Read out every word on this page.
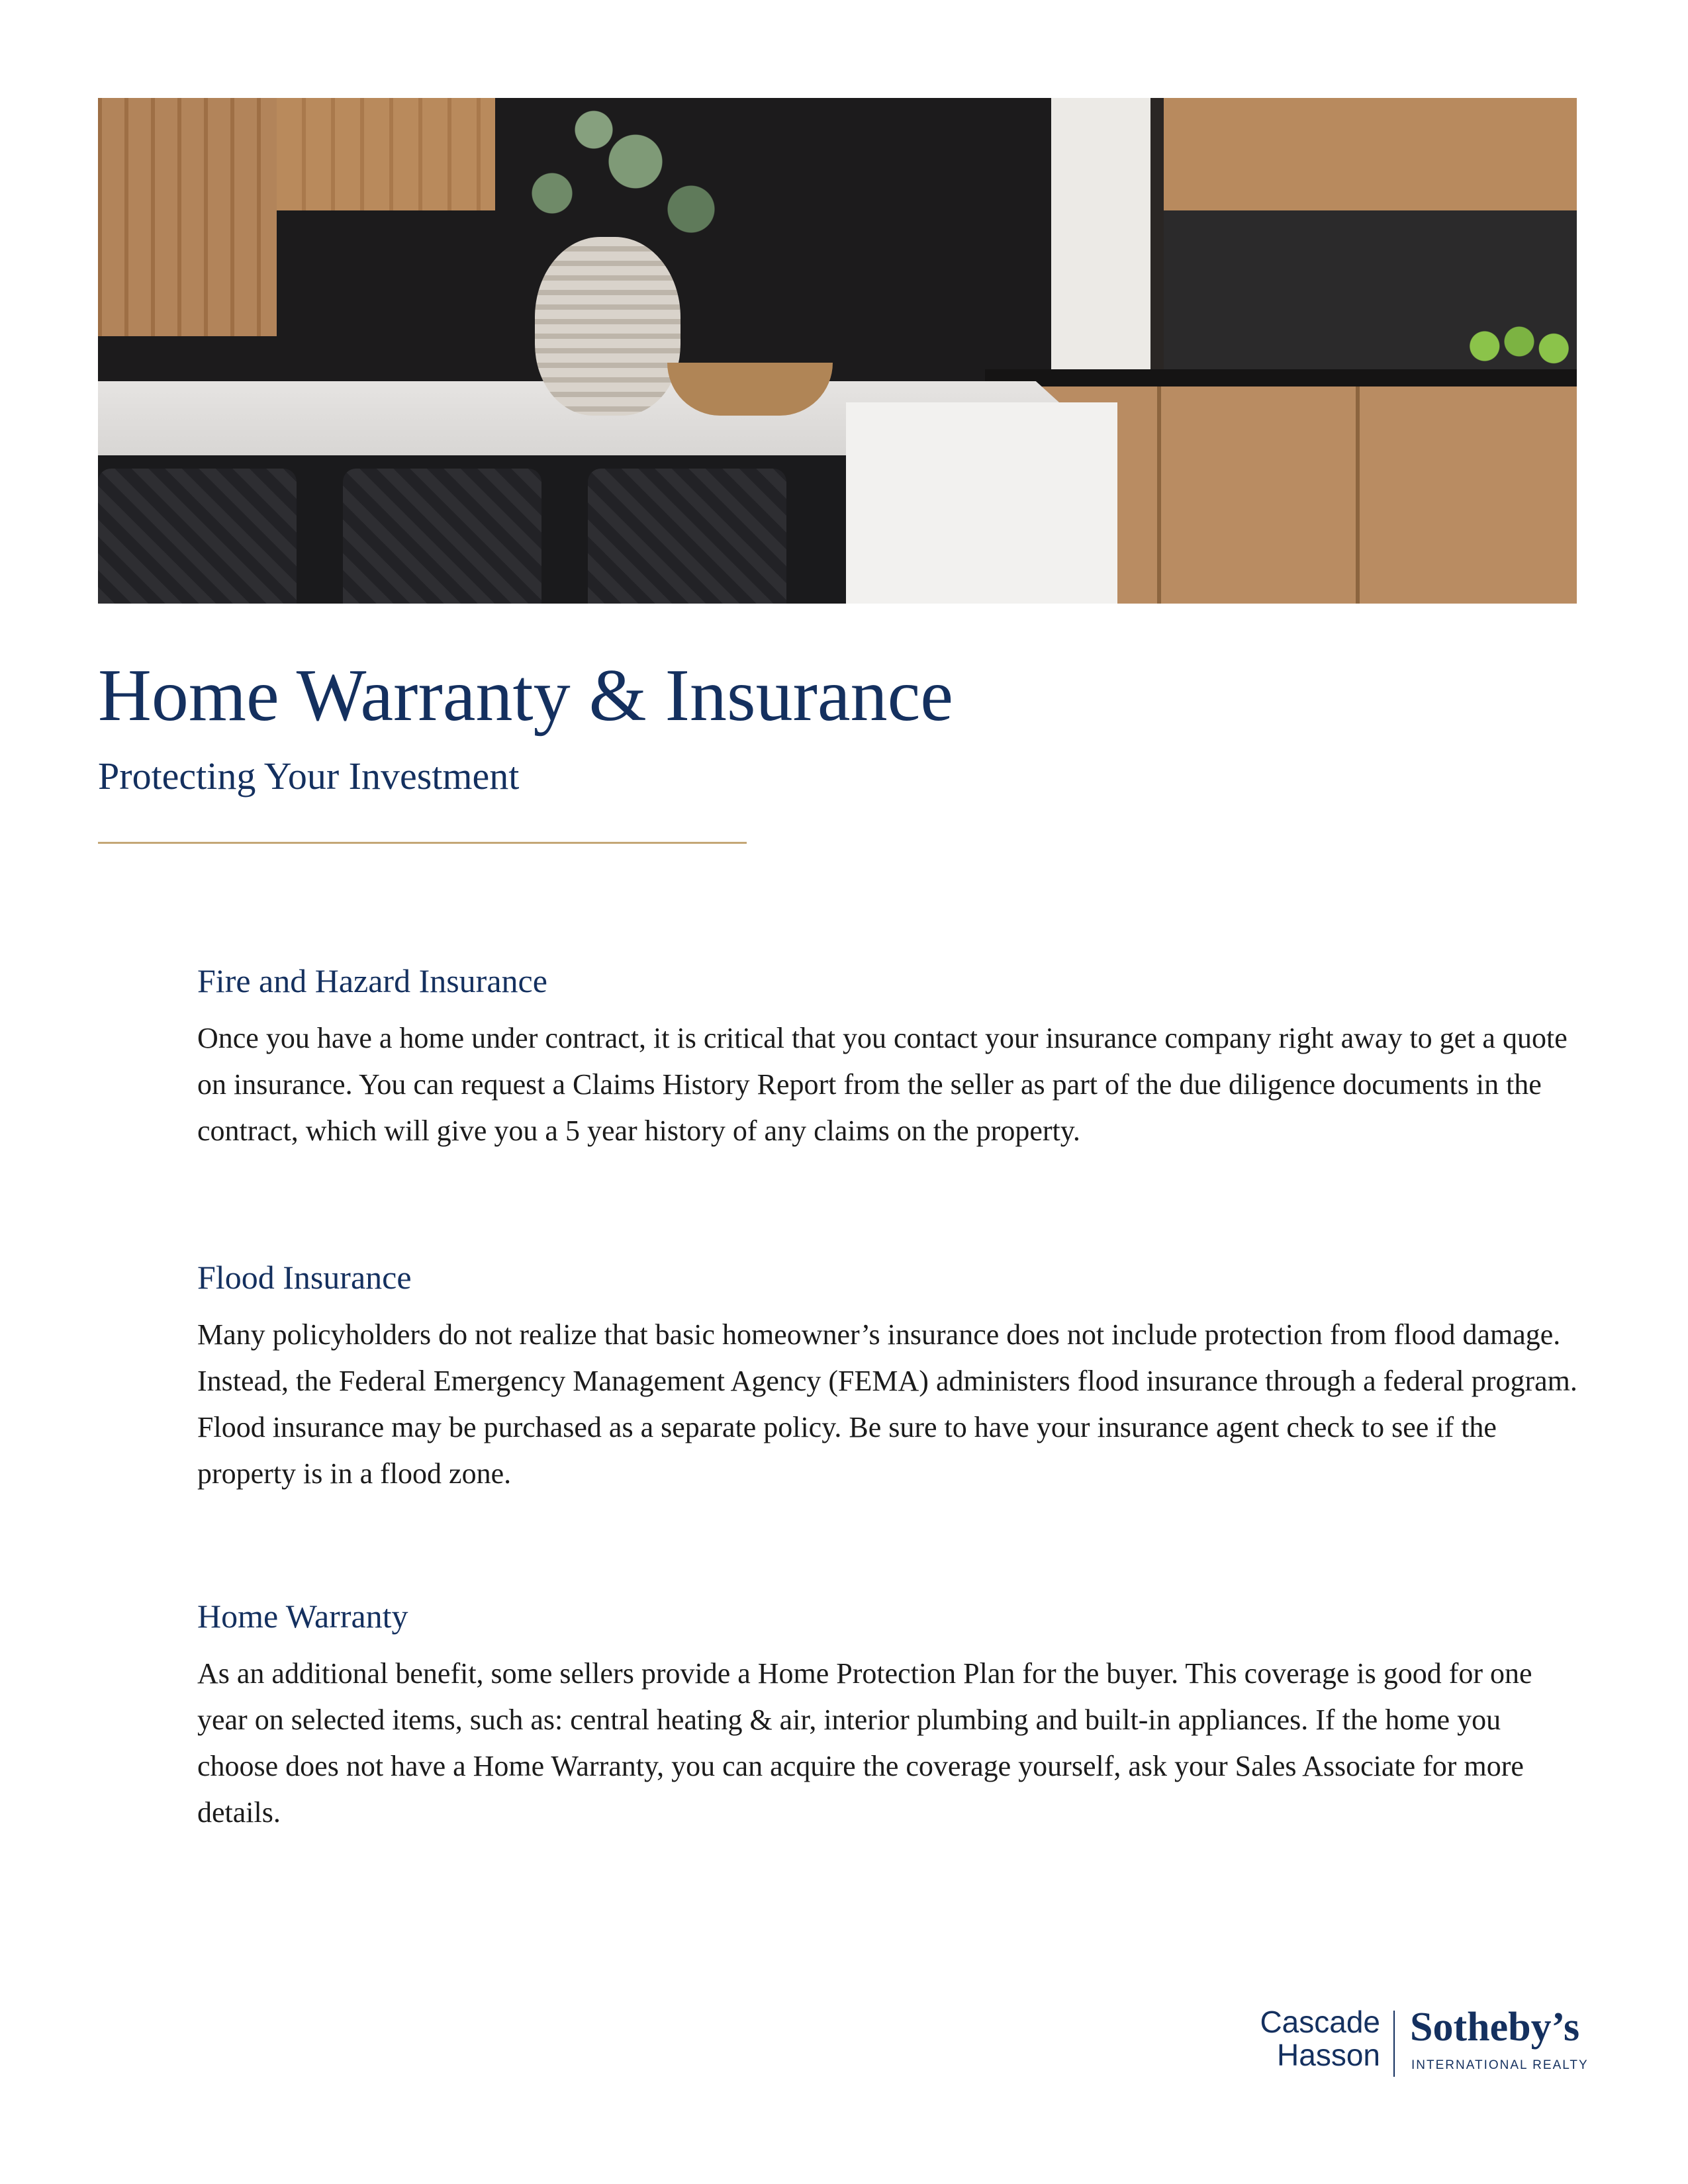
Home Warranty & Insurance
Protecting Your Investment
Fire and Hazard Insurance

Once you have a home under contract, it is critical that you contact your insurance company right away to get a quote on insurance. You can request a Claims History Report from the seller as part of the due diligence documents in the contract, which will give you a 5 year history of any claims on the property.

Flood Insurance

Many policyholders do not realize that basic homeowner’s insurance does not include protection from flood damage. Instead, the Federal Emergency Management Agency (FEMA) administers flood insurance through a federal program. Flood insurance may be purchased as a separate policy. Be sure to have your insurance agent check to see if the property is in a flood zone.

Home Warranty

As an additional benefit, some sellers provide a Home Protection Plan for the buyer. This coverage is good for one year on selected items, such as: central heating & air, interior plumbing and built-in appliances. If the home you choose does not have a Home Warranty, you can acquire the coverage yourself, ask your Sales Associate for more details.

Cascade
Hasson
Sotheby’s
INTERNATIONAL REALTY
